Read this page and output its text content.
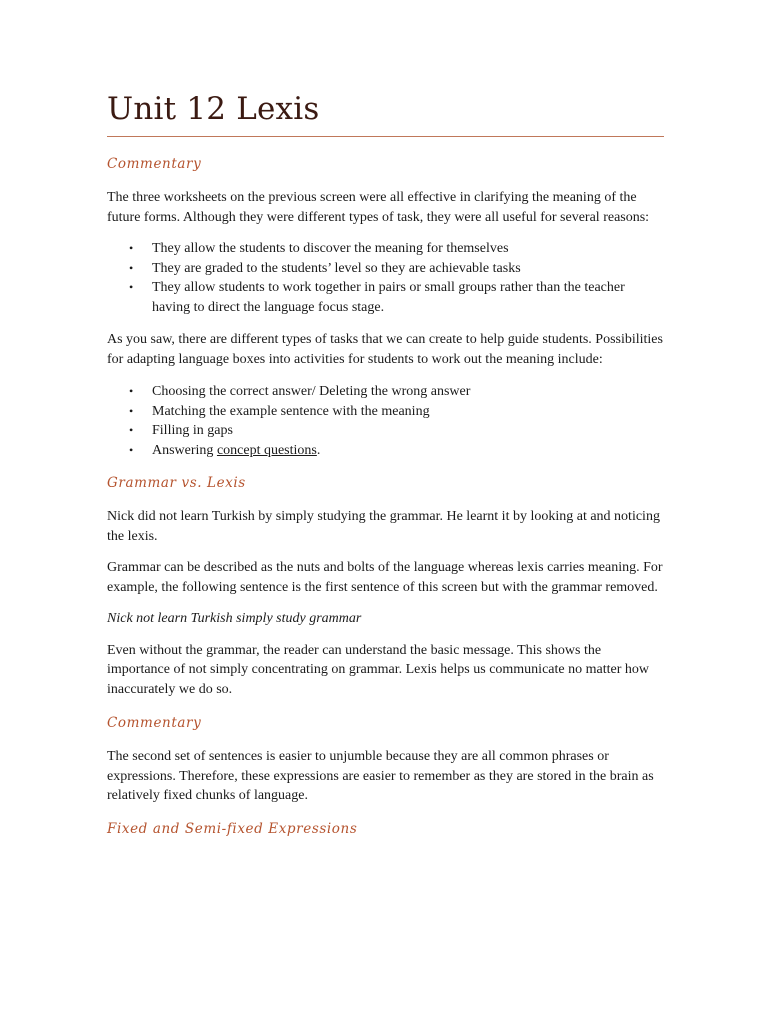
Unit 12 Lexis
Commentary

The three worksheets on the previous screen were all effective in clarifying the meaning of the future forms. Although they were different types of task, they were all useful for several reasons:

• They allow the students to discover the meaning for themselves
• They are graded to the students’ level so they are achievable tasks
• They allow students to work together in pairs or small groups rather than the teacher having to direct the language focus stage.

As you saw, there are different types of tasks that we can create to help guide students. Possibilities for adapting language boxes into activities for students to work out the meaning include:

• Choosing the correct answer/ Deleting the wrong answer
• Matching the example sentence with the meaning
• Filling in gaps
• Answering concept questions.
Grammar vs. Lexis

Nick did not learn Turkish by simply studying the grammar. He learnt it by looking at and noticing the lexis.

Grammar can be described as the nuts and bolts of the language whereas lexis carries meaning. For example, the following sentence is the first sentence of this screen but with the grammar removed.

Nick not learn Turkish simply study grammar

Even without the grammar, the reader can understand the basic message. This shows the importance of not simply concentrating on grammar. Lexis helps us communicate no matter how inaccurately we do so.

Commentary

The second set of sentences is easier to unjumble because they are all common phrases or expressions. Therefore, these expressions are easier to remember as they are stored in the brain as relatively fixed chunks of language.

Fixed and Semi-fixed Expressions
